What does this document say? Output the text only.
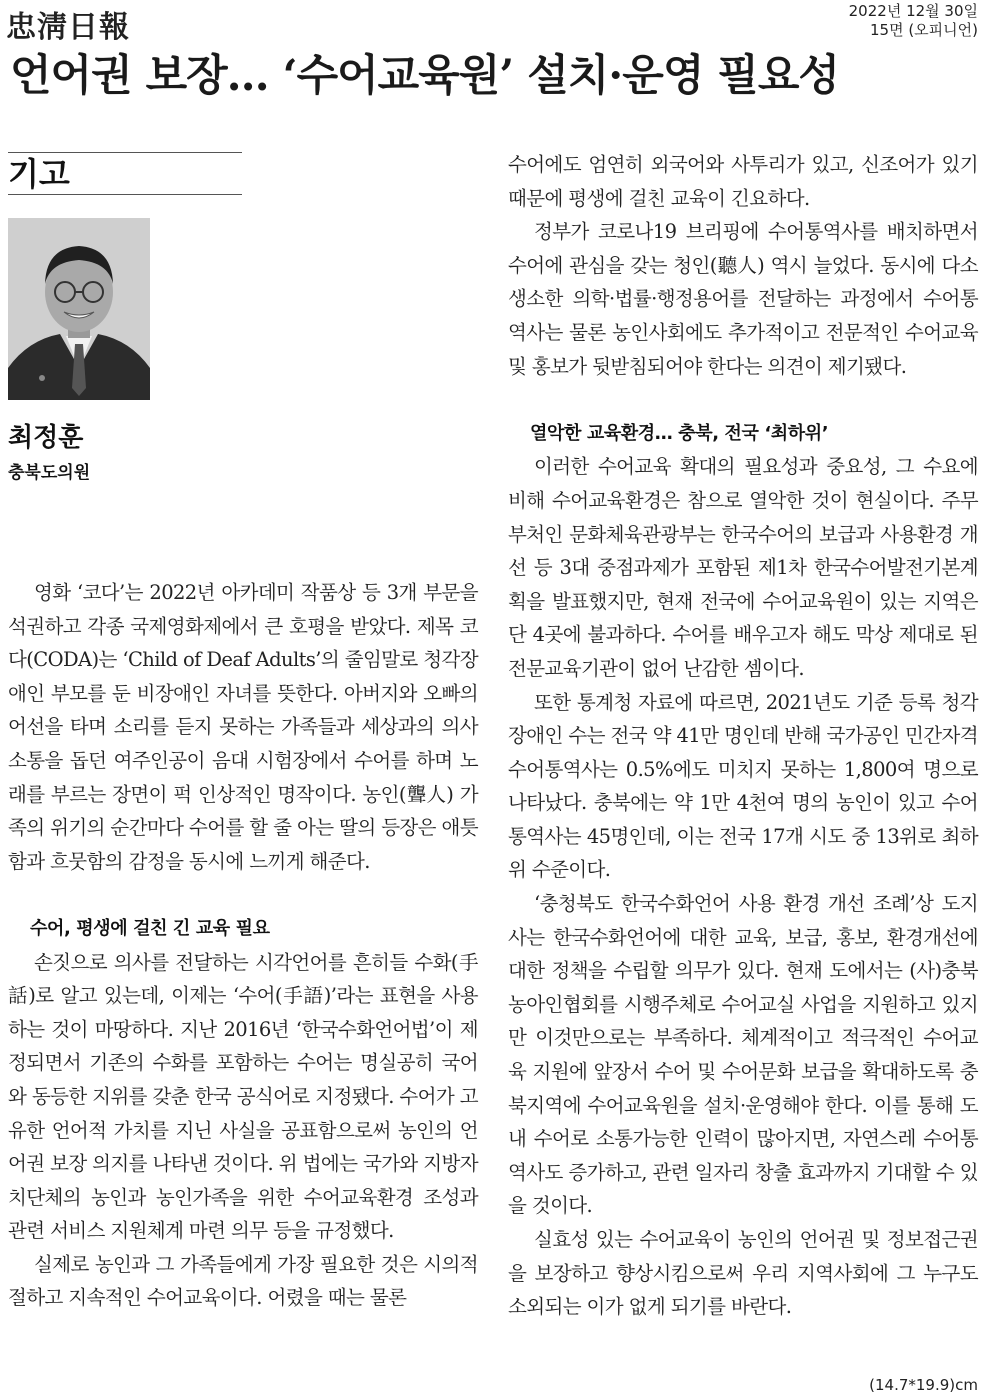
忠淸日報	2022년 12월 30일
15면 (오피니언)
언어권 보장… ‘수어교육원’ 설치·운영 필요성
기고
최정훈
충북도의원

영화 ‘코다’는 2022년 아카데미 작품상 등 3개 부문을 석권하고 각종 국제영화제에서 큰 호평을 받았다. 제목 코다(CODA)는 ‘Child of Deaf Adults’의 줄임말로 청각장애인 부모를 둔 비장애인 자녀를 뜻한다. 아버지와 오빠의 어선을 타며 소리를 듣지 못하는 가족들과 세상과의 의사소통을 돕던 여주인공이 음대 시험장에서 수어를 하며 노래를 부르는 장면이 퍽 인상적인 명작이다. 농인(聾人) 가족의 위기의 순간마다 수어를 할 줄 아는 딸의 등장은 애틋함과 흐뭇함의 감정을 동시에 느끼게 해준다.

수어, 평생에 걸친 긴 교육 필요

손짓으로 의사를 전달하는 시각언어를 흔히들 수화(手話)로 알고 있는데, 이제는 ‘수어(手語)’라는 표현을 사용하는 것이 마땅하다. 지난 2016년 ‘한국수화언어법’이 제정되면서 기존의 수화를 포함하는 수어는 명실공히 국어와 동등한 지위를 갖춘 한국 공식어로 지정됐다. 수어가 고유한 언어적 가치를 지닌 사실을 공표함으로써 농인의 언어권 보장 의지를 나타낸 것이다. 위 법에는 국가와 지방자치단체의 농인과 농인가족을 위한 수어교육환경 조성과 관련 서비스 지원체계 마련 의무 등을 규정했다.

실제로 농인과 그 가족들에게 가장 필요한 것은 시의적절하고 지속적인 수어교육이다. 어렸을 때는 물론

수어에도 엄연히 외국어와 사투리가 있고, 신조어가 있기 때문에 평생에 걸친 교육이 긴요하다.

정부가 코로나19 브리핑에 수어통역사를 배치하면서 수어에 관심을 갖는 청인(聽人) 역시 늘었다. 동시에 다소 생소한 의학·법률·행정용어를 전달하는 과정에서 수어통역사는 물론 농인사회에도 추가적이고 전문적인 수어교육 및 홍보가 뒷받침되어야 한다는 의견이 제기됐다.

열악한 교육환경… 충북, 전국 ‘최하위’

이러한 수어교육 확대의 필요성과 중요성, 그 수요에 비해 수어교육환경은 참으로 열악한 것이 현실이다. 주무부처인 문화체육관광부는 한국수어의 보급과 사용환경 개선 등 3대 중점과제가 포함된 제1차 한국수어발전기본계획을 발표했지만, 현재 전국에 수어교육원이 있는 지역은 단 4곳에 불과하다. 수어를 배우고자 해도 막상 제대로 된 전문교육기관이 없어 난감한 셈이다.

또한 통계청 자료에 따르면, 2021년도 기준 등록 청각장애인 수는 전국 약 41만 명인데 반해 국가공인 민간자격 수어통역사는 0.5%에도 미치지 못하는 1,800여 명으로 나타났다. 충북에는 약 1만 4천여 명의 농인이 있고 수어통역사는 45명인데, 이는 전국 17개 시도 중 13위로 최하위 수준이다.

‘충청북도 한국수화언어 사용 환경 개선 조례’상 도지사는 한국수화언어에 대한 교육, 보급, 홍보, 환경개선에 대한 정책을 수립할 의무가 있다. 현재 도에서는 (사)충북농아인협회를 시행주체로 수어교실 사업을 지원하고 있지만 이것만으로는 부족하다. 체계적이고 적극적인 수어교육 지원에 앞장서 수어 및 수어문화 보급을 확대하도록 충북지역에 수어교육원을 설치·운영해야 한다. 이를 통해 도내 수어로 소통가능한 인력이 많아지면, 자연스레 수어통역사도 증가하고, 관련 일자리 창출 효과까지 기대할 수 있을 것이다.

실효성 있는 수어교육이 농인의 언어권 및 정보접근권을 보장하고 향상시킴으로써 우리 지역사회에 그 누구도 소외되는 이가 없게 되기를 바란다.

(14.7*19.9)cm
